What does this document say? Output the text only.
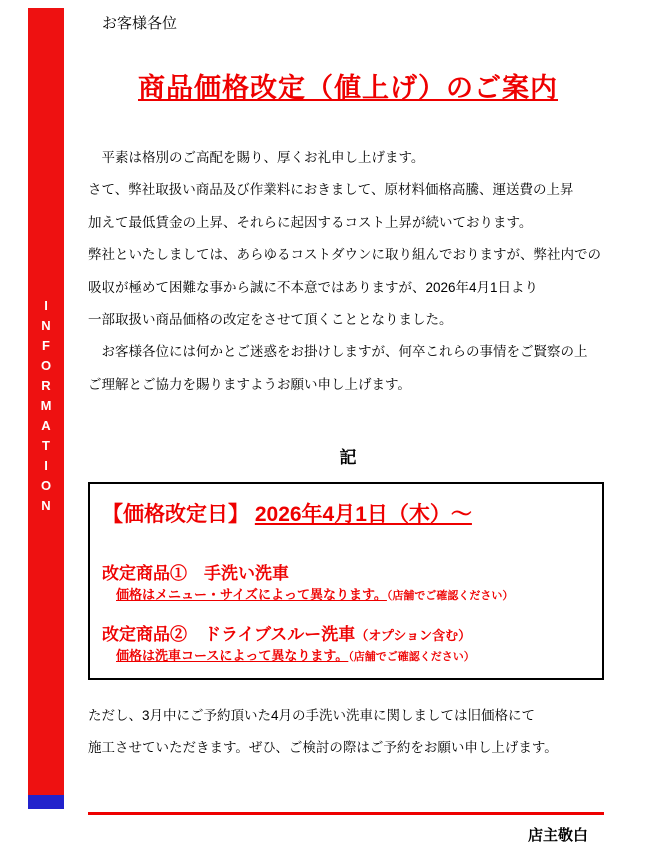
INFORMATION
お客様各位
商品価格改定（値上げ）のご案内

　平素は格別のご高配を賜り、厚くお礼申し上げます。

さて、弊社取扱い商品及び作業料におきまして、原材料価格高騰、運送費の上昇

加えて最低賃金の上昇、それらに起因するコスト上昇が続いております。

弊社といたしましては、あらゆるコストダウンに取り組んでおりますが、弊社内での

吸収が極めて困難な事から誠に不本意ではありますが、2026年4月1日より

一部取扱い商品価格の改定をさせて頂くこととなりました。

　お客様各位には何かとご迷惑をお掛けしますが、何卒これらの事情をご賢察の上

ご理解とご協力を賜りますようお願い申し上げます。

記
【価格改定日】 2026年4月1日（木）〜
改定商品①　手洗い洗車
価格はメニュー・サイズによって異なります。（店舗でご確認ください）
改定商品②　ドライブスルー洗車（オプション含む）
価格は洗車コースによって異なります。（店舗でご確認ください）

ただし、3月中にご予約頂いた4月の手洗い洗車に関しましては旧価格にて

施工させていただきます。ぜひ、ご検討の際はご予約をお願い申し上げます。

店主敬白
